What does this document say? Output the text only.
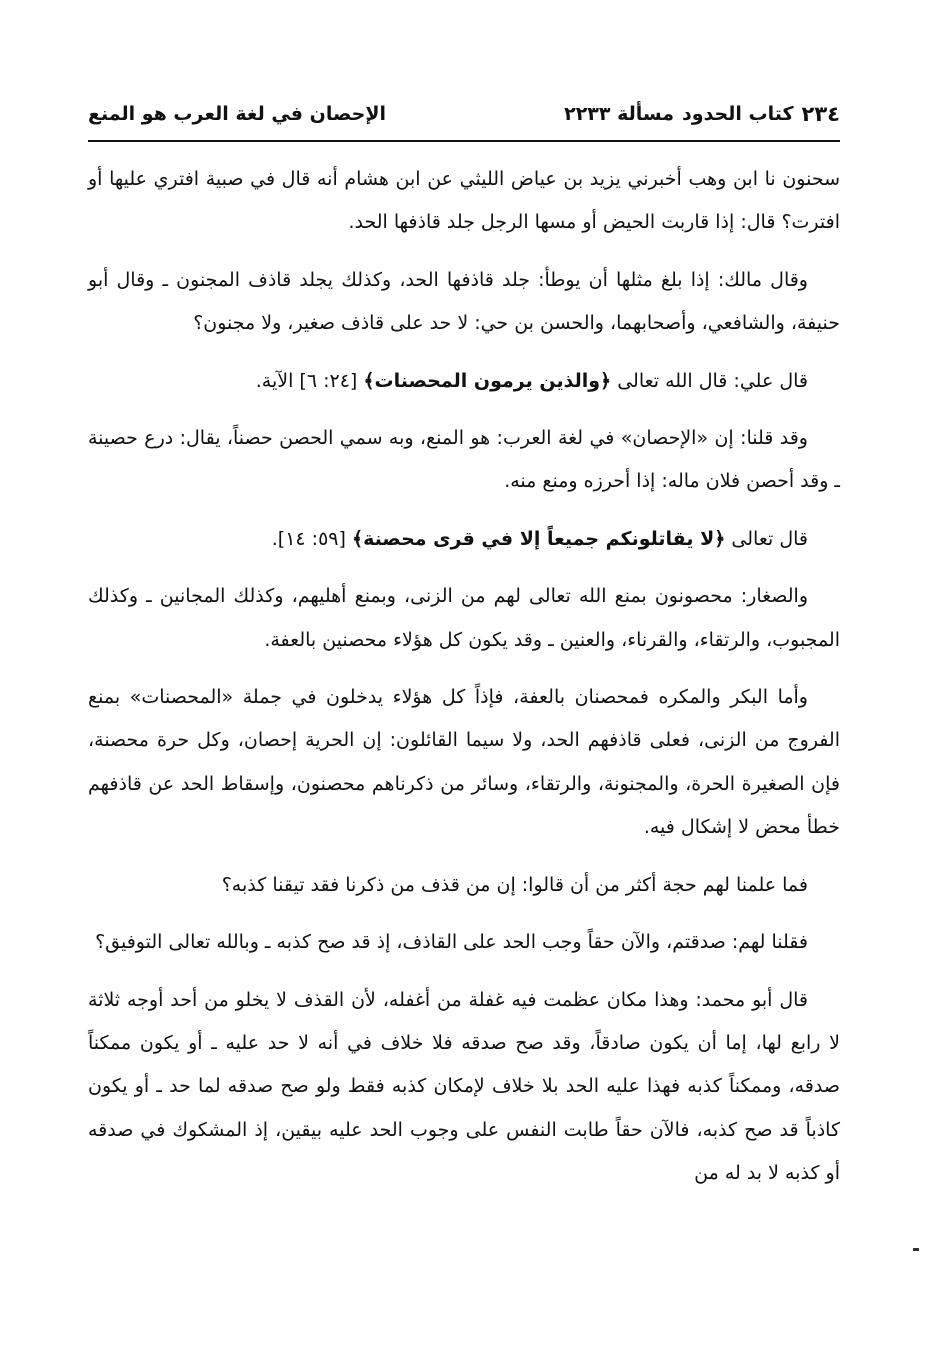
٢٣٤
كتاب الحدود
مسألة ٢٢٣٣
الإحصان في لغة العرب هو المنع

سحنون نا ابن وهب أخبرني يزيد بن عياض الليثي عن ابن هشام أنه قال في صبية افتري عليها أو افترت؟ قال: إذا قاربت الحيض أو مسها الرجل جلد قاذفها الحد.

وقال مالك: إذا بلغ مثلها أن يوطأ: جلد قاذفها الحد، وكذلك يجلد قاذف المجنون ـ وقال أبو حنيفة، والشافعي، وأصحابهما، والحسن بن حي: لا حد على قاذف صغير، ولا مجنون؟

قال علي: قال الله تعالى ﴿والذين يرمون المحصنات﴾ [٢٤: ٦] الآية.

وقد قلنا: إن «الإحصان» في لغة العرب: هو المنع، وبه سمي الحصن حصناً، يقال: درع حصينة ـ وقد أحصن فلان ماله: إذا أحرزه ومنع منه.

قال تعالى ﴿لا يقاتلونكم جميعاً إلا في قرى محصنة﴾ [٥٩: ١٤].

والصغار: محصونون بمنع الله تعالى لهم من الزنى، وبمنع أهليهم، وكذلك المجانين ـ وكذلك المجبوب، والرتقاء، والقرناء، والعنين ـ وقد يكون كل هؤلاء محصنين بالعفة.

وأما البكر والمكره فمحصنان بالعفة، فإذاً كل هؤلاء يدخلون في جملة «المحصنات» بمنع الفروج من الزنى، فعلى قاذفهم الحد، ولا سيما القائلون: إن الحرية إحصان، وكل حرة محصنة، فإن الصغيرة الحرة، والمجنونة، والرتقاء، وسائر من ذكرناهم محصنون، وإسقاط الحد عن قاذفهم خطأ محض لا إشكال فيه.

فما علمنا لهم حجة أكثر من أن قالوا: إن من قذف من ذكرنا فقد تيقنا كذبه؟

فقلنا لهم: صدقتم، والآن حقاً وجب الحد على القاذف، إذ قد صح كذبه ـ وبالله تعالى التوفيق؟

قال أبو محمد: وهذا مكان عظمت فيه غفلة من أغفله، لأن القذف لا يخلو من أحد أوجه ثلاثة لا رابع لها، إما أن يكون صادقاً، وقد صح صدقه فلا خلاف في أنه لا حد عليه ـ أو يكون ممكناً صدقه، وممكناً كذبه فهذا عليه الحد بلا خلاف لإمكان كذبه فقط ولو صح صدقه لما حد ـ أو يكون كاذباً قد صح كذبه، فالآن حقاً طابت النفس على وجوب الحد عليه بيقين، إذ المشكوك في صدقه أو كذبه لا بد له من
